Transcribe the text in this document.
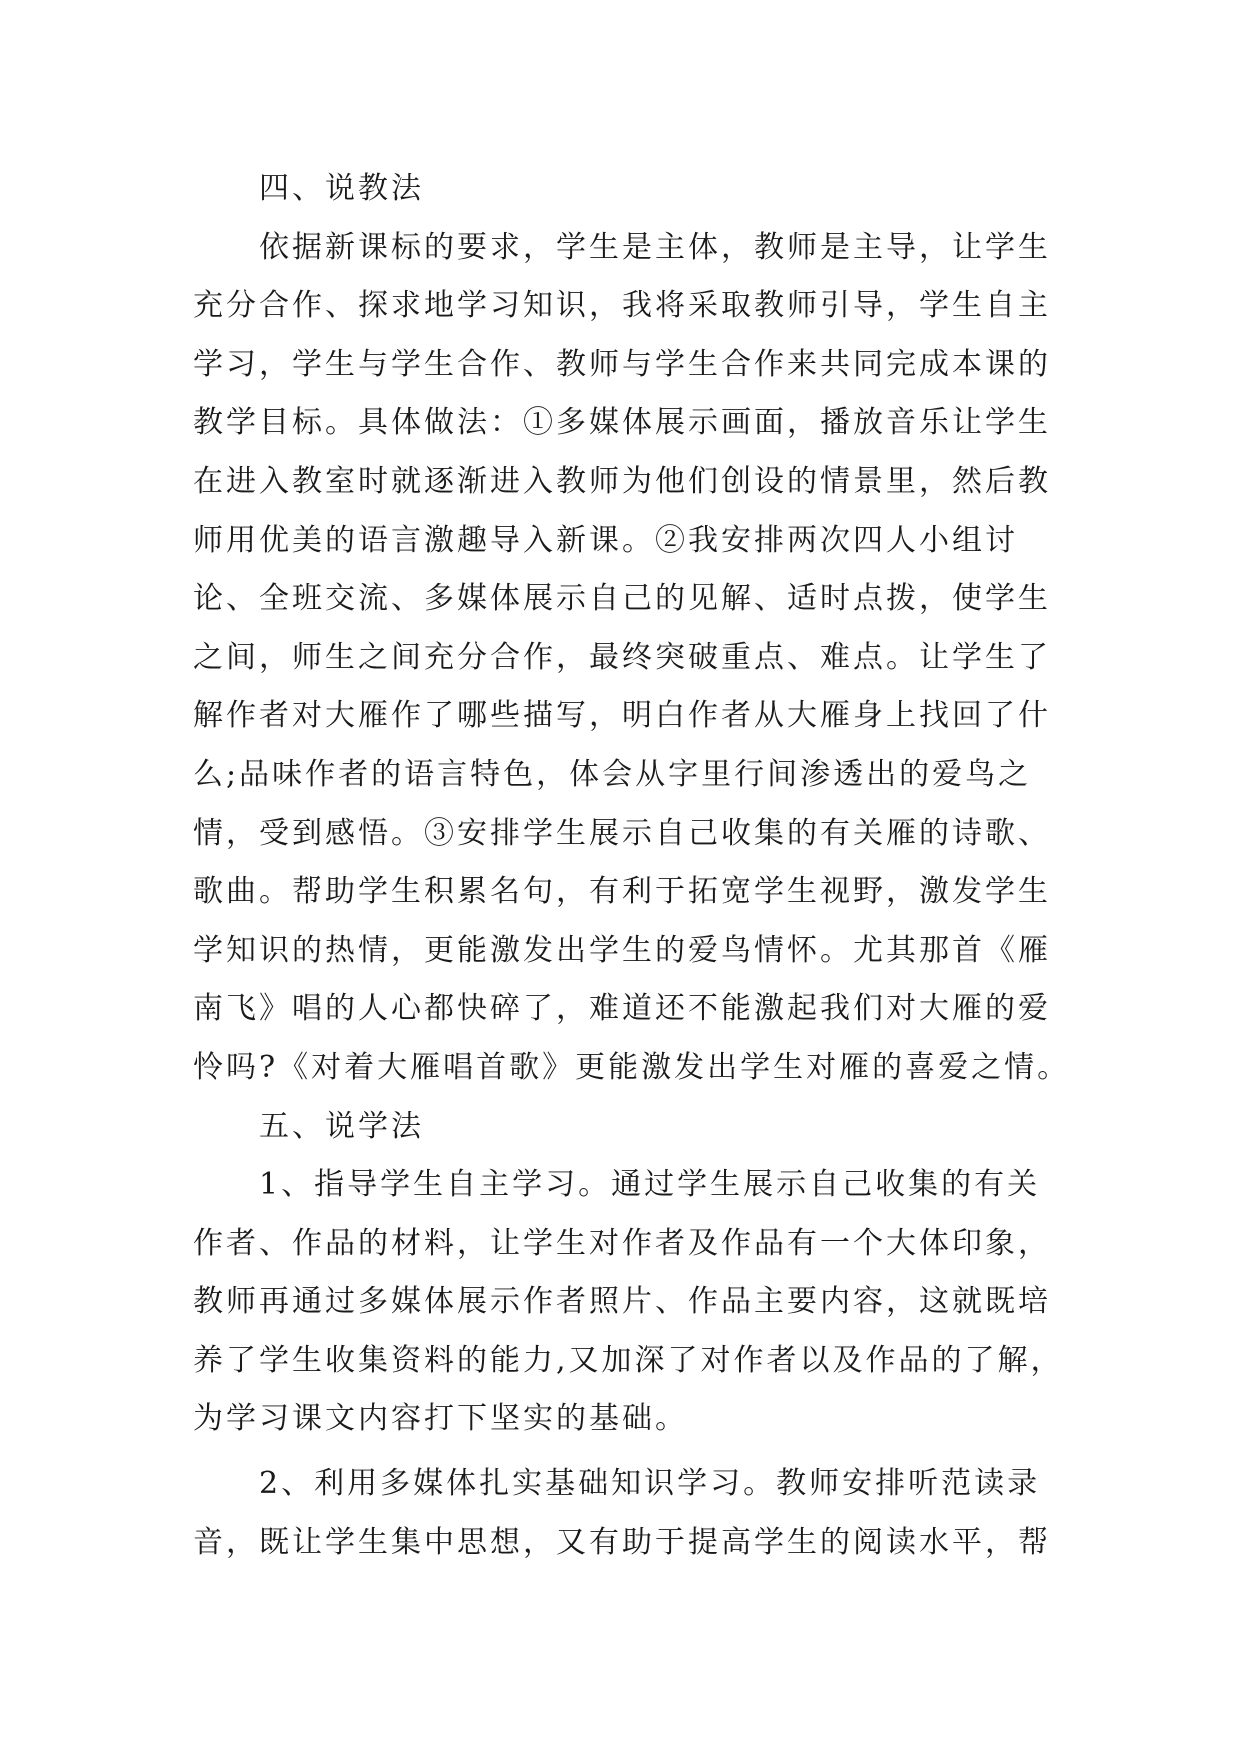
四、说教法

依据新课标的要求，学生是主体，教师是主导，让学生

充分合作、探求地学习知识，我将采取教师引导，学生自主

学习，学生与学生合作、教师与学生合作来共同完成本课的

教学目标。具体做法：①多媒体展示画面，播放音乐让学生

在进入教室时就逐渐进入教师为他们创设的情景里，然后教

师用优美的语言激趣导入新课。②我安排两次四人小组讨

论、全班交流、多媒体展示自己的见解、适时点拨，使学生

之间，师生之间充分合作，最终突破重点、难点。让学生了

解作者对大雁作了哪些描写，明白作者从大雁身上找回了什

么;品味作者的语言特色，体会从字里行间渗透出的爱鸟之

情，受到感悟。③安排学生展示自己收集的有关雁的诗歌、

歌曲。帮助学生积累名句，有利于拓宽学生视野，激发学生

学知识的热情，更能激发出学生的爱鸟情怀。尤其那首《雁

南飞》唱的人心都快碎了，难道还不能激起我们对大雁的爱

怜吗?《对着大雁唱首歌》更能激发出学生对雁的喜爱之情。

五、说学法

1、指导学生自主学习。通过学生展示自己收集的有关

作者、作品的材料，让学生对作者及作品有一个大体印象，

教师再通过多媒体展示作者照片、作品主要内容，这就既培

养了学生收集资料的能力,又加深了对作者以及作品的了解，

为学习课文内容打下坚实的基础。

2、利用多媒体扎实基础知识学习。教师安排听范读录

音，既让学生集中思想，又有助于提高学生的阅读水平，帮
